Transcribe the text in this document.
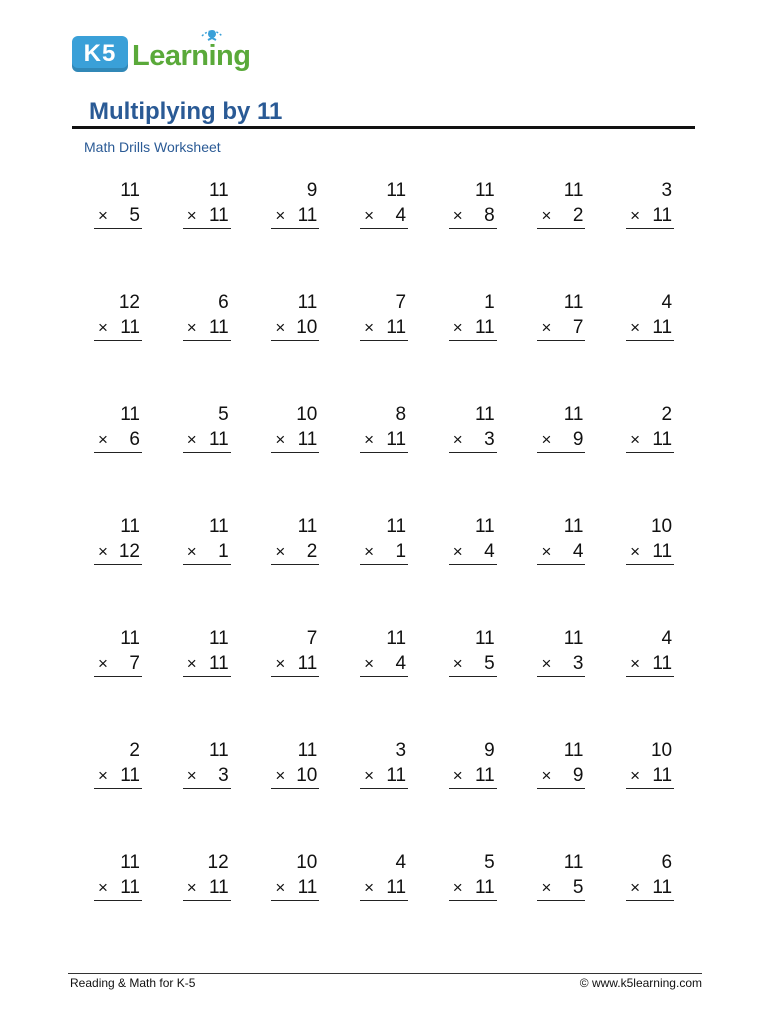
K5 Learning
Multiplying by 11
Math Drills Worksheet
11
× 5
11
× 11
9
× 11
11
× 4
11
× 8
11
× 2
3
× 11
12
× 11
6
× 11
11
× 10
7
× 11
1
× 11
11
× 7
4
× 11
11
× 6
5
× 11
10
× 11
8
× 11
11
× 3
11
× 9
2
× 11
11
× 12
11
× 1
11
× 2
11
× 1
11
× 4
11
× 4
10
× 11
11
× 7
11
× 11
7
× 11
11
× 4
11
× 5
11
× 3
4
× 11
2
× 11
11
× 3
11
× 10
3
× 11
9
× 11
11
× 9
10
× 11
11
× 11
12
× 11
10
× 11
4
× 11
5
× 11
11
× 5
6
× 11
Reading & Math for K-5	© www.k5learning.com
